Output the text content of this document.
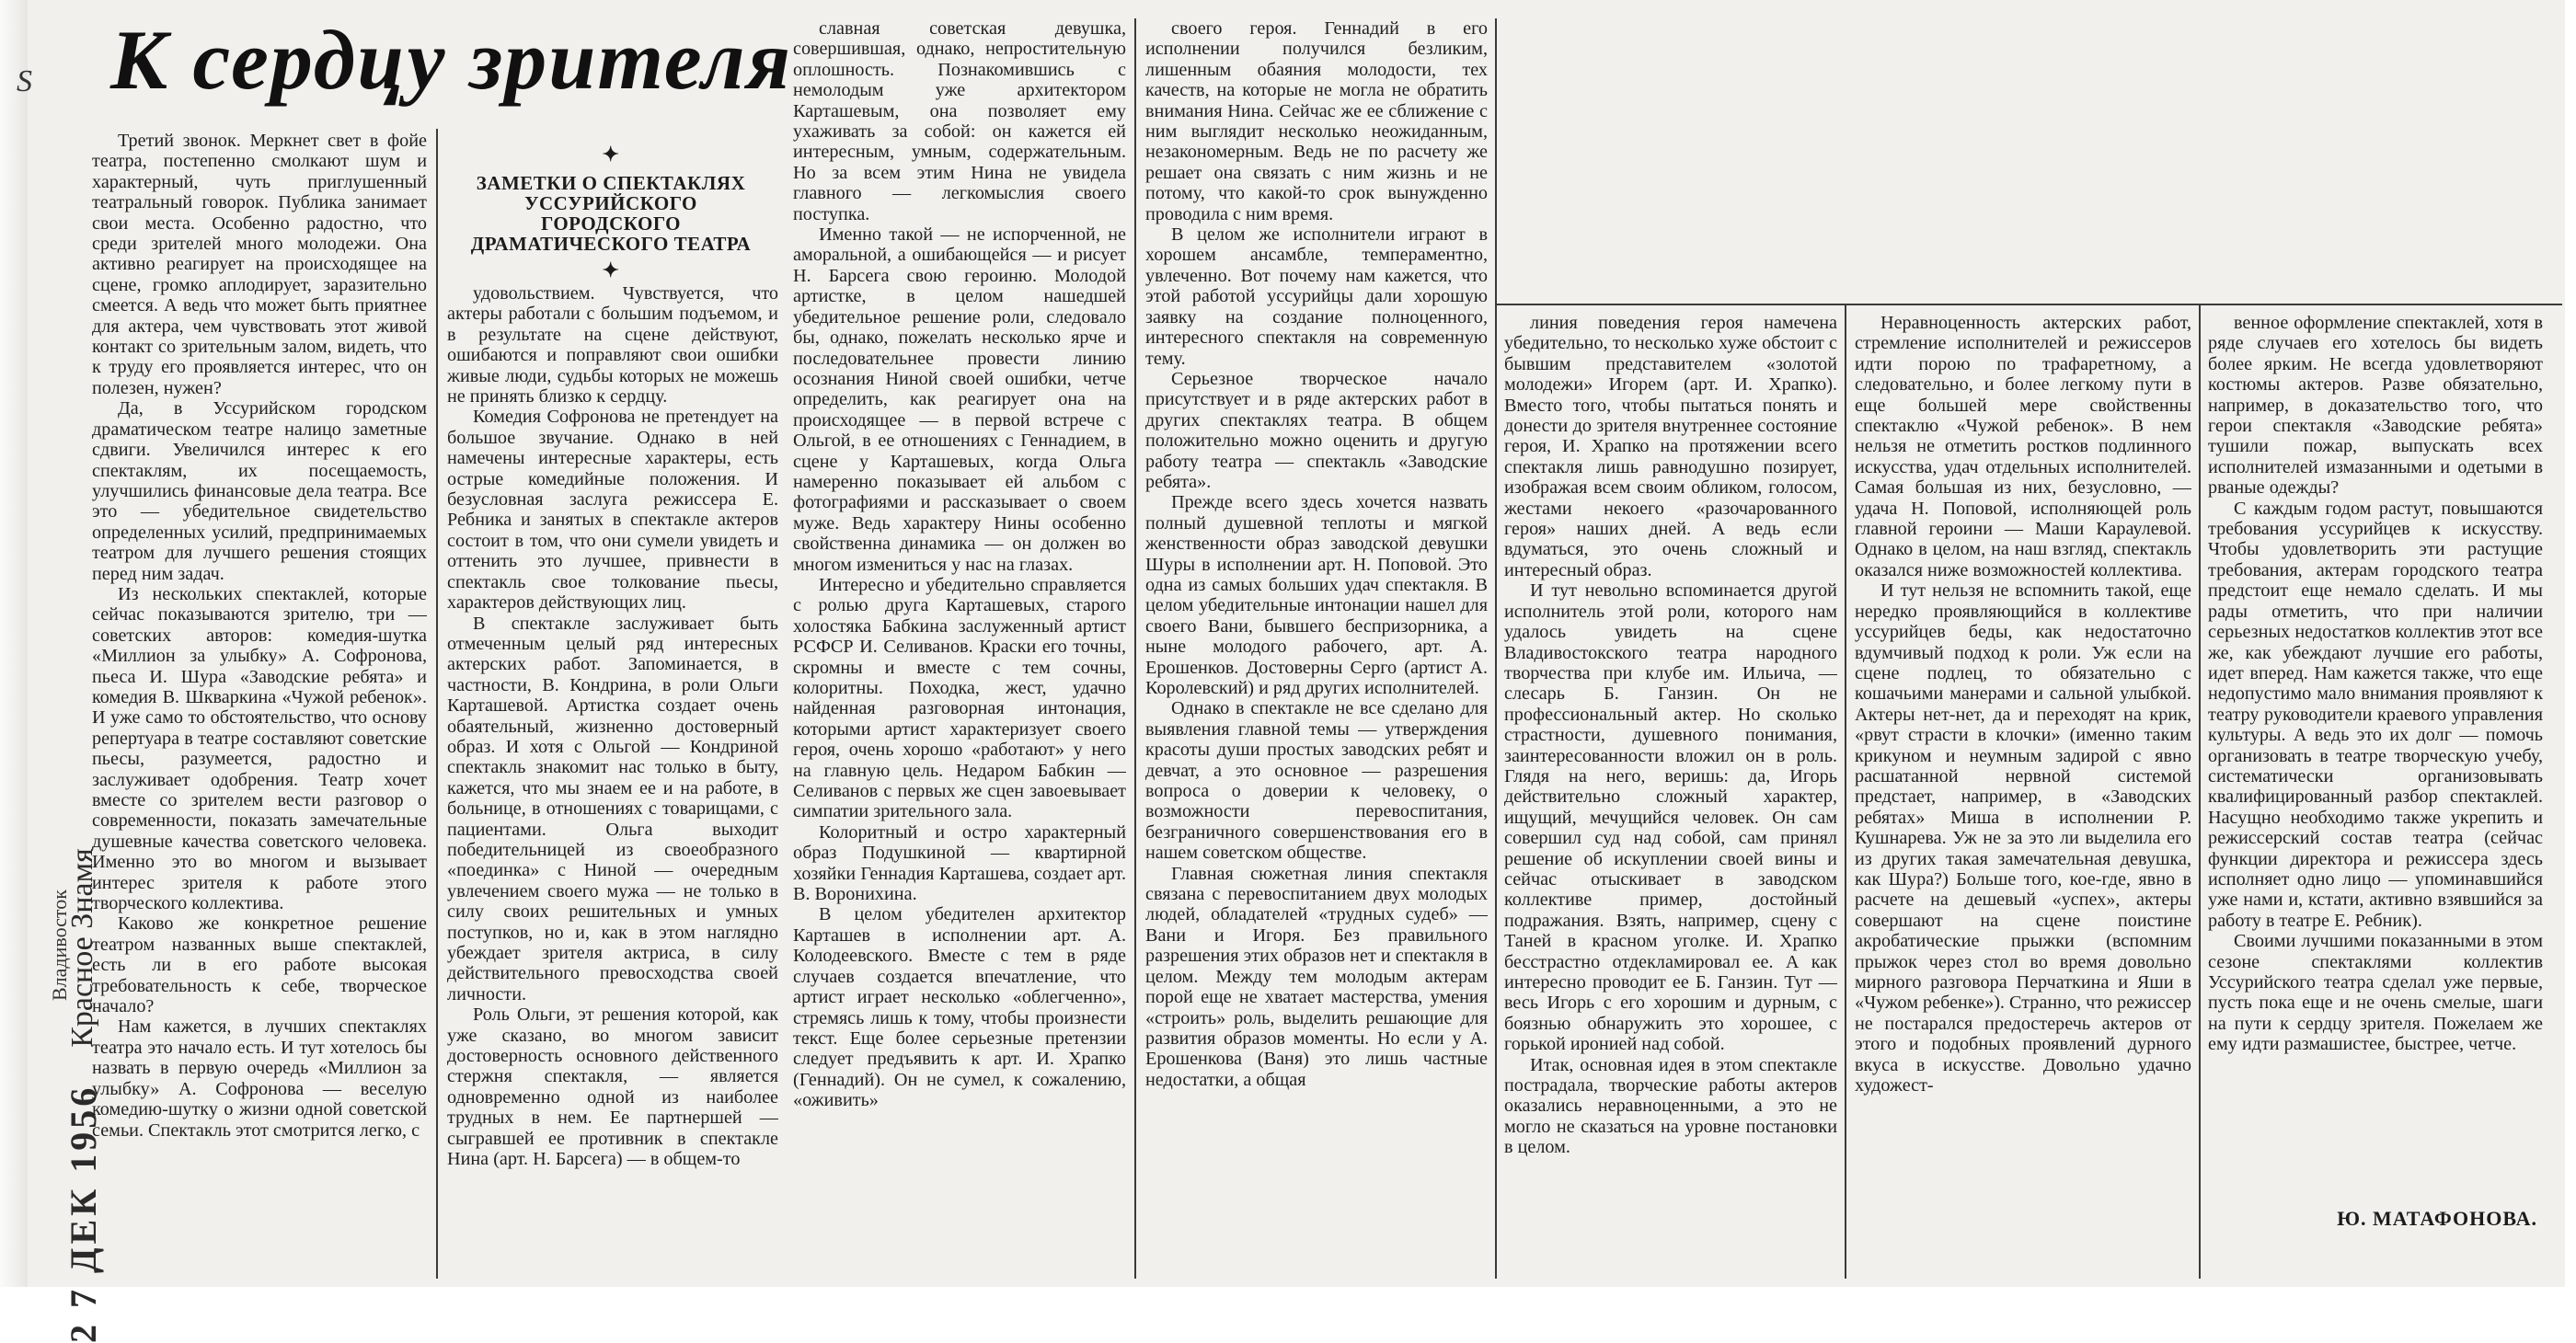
S К сердцу зрителя
2 7 ДЕК 1956
Красное Знамя
Владивосток
✦
ЗАМЕТКИ О СПЕКТАКЛЯХ УССУРИЙСКОГО ГОРОДСКОГО ДРАМАТИЧЕСКОГО ТЕАТРА
✦

Третий звонок. Меркнет свет в фойе театра, постепенно смолкают шум и характерный, чуть приглушенный театральный говорок. Публика занимает свои места. Особенно радостно, что среди зрителей много молодежи. Она активно реагирует на происходящее на сцене, громко аплодирует, заразительно смеется. А ведь что может быть приятнее для актера, чем чувствовать этот живой контакт со зрительным залом, видеть, что к труду его проявляется интерес, что он полезен, нужен?

Да, в Уссурийском городском драматическом театре налицо заметные сдвиги. Увеличился интерес к его спектаклям, их посещаемость, улучшились финансовые дела театра. Все это — убедительное свидетельство определенных усилий, предпринимаемых театром для лучшего решения стоящих перед ним задач.

Из нескольких спектаклей, которые сейчас показываются зрителю, три — советских авторов: комедия-шутка «Миллион за улыбку» А. Софронова, пьеса И. Шура «Заводские ребята» и комедия В. Шкваркина «Чужой ребенок». И уже само то обстоятельство, что основу репертуара в театре составляют советские пьесы, разумеется, радостно и заслуживает одобрения. Театр хочет вместе со зрителем вести разговор о современности, показать замечательные душевные качества советского человека. Именно это во многом и вызывает интерес зрителя к работе этого творческого коллектива.

Каково же конкретное решение театром названных выше спектаклей, есть ли в его работе высокая требовательность к себе, творческое начало?

Нам кажется, в лучших спектаклях театра это начало есть. И тут хотелось бы назвать в первую очередь «Миллион за улыбку» А. Софронова — веселую комедию-шутку о жизни одной советской семьи. Спектакль этот смотрится легко, с

удовольствием. Чувствуется, что актеры работали с большим подъемом, и в результате на сцене действуют, ошибаются и поправляют свои ошибки живые люди, судьбы которых не можешь не принять близко к сердцу.

Комедия Софронова не претендует на большое звучание. Однако в ней намечены интересные характеры, есть острые комедийные положения. И безусловная заслуга режиссера Е. Ребника и занятых в спектакле актеров состоит в том, что они сумели увидеть и оттенить это лучшее, привнести в спектакль свое толкование пьесы, характеров действующих лиц.

В спектакле заслуживает быть отмеченным целый ряд интересных актерских работ. Запоминается, в частности, В. Кондрина, в роли Ольги Карташевой. Артистка создает очень обаятельный, жизненно достоверный образ. И хотя с Ольгой — Кондриной спектакль знакомит нас только в быту, кажется, что мы знаем ее и на работе, в больнице, в отношениях с товарищами, с пациентами. Ольга выходит победительницей из своеобразного «поединка» с Ниной — очередным увлечением своего мужа — не только в силу своих решительных и умных поступков, но и, как в этом наглядно убеждает зрителя актриса, в силу действительного превосходства своей личности.

Роль Ольги, эт решения которой, как уже сказано, во многом зависит достоверность основного действенного стержня спектакля, — является одновременно одной из наиболее трудных в нем. Ее партнершей — сыгравшей ее противник в спектакле Нина (арт. Н. Барсега) — в общем-то

славная советская девушка, совершившая, однако, непростительную оплошность. Познакомившись с немолодым уже архитектором Карташевым, она позволяет ему ухаживать за собой: он кажется ей интересным, умным, содержательным. Но за всем этим Нина не увидела главного — легкомыслия своего поступка.

Именно такой — не испорченной, не аморальной, а ошибающейся — и рисует Н. Барсега свою героиню. Молодой артистке, в целом нашедшей убедительное решение роли, следовало бы, однако, пожелать несколько ярче и последовательнее провести линию осознания Ниной своей ошибки, четче определить, как реагирует она на происходящее — в первой встрече с Ольгой, в ее отношениях с Геннадием, в сцене у Карташевых, когда Ольга намеренно показывает ей альбом с фотографиями и рассказывает о своем муже. Ведь характеру Нины особенно свойственна динамика — он должен во многом измениться у нас на глазах.

Интересно и убедительно справляется с ролью друга Карташевых, старого холостяка Бабкина заслуженный артист РСФСР И. Селиванов. Краски его точны, скромны и вместе с тем сочны, колоритны. Походка, жест, удачно найденная разговорная интонация, которыми артист характеризует своего героя, очень хорошо «работают» у него на главную цель. Недаром Бабкин — Селиванов с первых же сцен завоевывает симпатии зрительного зала.

Колоритный и остро характерный образ Подушкиной — квартирной хозяйки Геннадия Карташева, создает арт. В. Воронихина.

В целом убедителен архитектор Карташев в исполнении арт. А. Колодеевского. Вместе с тем в ряде случаев создается впечатление, что артист играет несколько «облегченно», стремясь лишь к тому, чтобы произнести текст. Еще более серьезные претензии следует предъявить к арт. И. Храпко (Геннадий). Он не сумел, к сожалению, «оживить»

своего героя. Геннадий в его исполнении получился безликим, лишенным обаяния молодости, тех качеств, на которые не могла не обратить внимания Нина. Сейчас же ее сближение с ним выглядит несколько неожиданным, незакономерным. Ведь не по расчету же решает она связать с ним жизнь и не потому, что какой-то срок вынужденно проводила с ним время.

В целом же исполнители играют в хорошем ансамбле, темпераментно, увлеченно. Вот почему нам кажется, что этой работой уссурийцы дали хорошую заявку на создание полноценного, интересного спектакля на современную тему.

Серьезное творческое начало присутствует и в ряде актерских работ в других спектаклях театра. В общем положительно можно оценить и другую работу театра — спектакль «Заводские ребята».

Прежде всего здесь хочется назвать полный душевной теплоты и мягкой женственности образ заводской девушки Шуры в исполнении арт. Н. Поповой. Это одна из самых больших удач спектакля. В целом убедительные интонации нашел для своего Вани, бывшего беспризорника, а ныне молодого рабочего, арт. А. Ерошенков. Достоверны Серго (артист А. Королевский) и ряд других исполнителей.

Однако в спектакле не все сделано для выявления главной темы — утверждения красоты души простых заводских ребят и девчат, а это основное — разрешения вопроса о доверии к человеку, о возможности перевоспитания, безграничного совершенствования его в нашем советском обществе.

Главная сюжетная линия спектакля связана с перевоспитанием двух молодых людей, обладателей «трудных судеб» — Вани и Игоря. Без правильного разрешения этих образов нет и спектакля в целом. Между тем молодым актерам порой еще не хватает мастерства, умения «строить» роль, выделить решающие для развития образов моменты. Но если у А. Ерошенкова (Ваня) это лишь частные недостатки, а общая

линия поведения героя намечена убедительно, то несколько хуже обстоит с бывшим представителем «золотой молодежи» Игорем (арт. И. Храпко). Вместо того, чтобы пытаться понять и донести до зрителя внутреннее состояние героя, И. Храпко на протяжении всего спектакля лишь равнодушно позирует, изображая всем своим обликом, голосом, жестами некоего «разочарованного героя» наших дней. А ведь если вдуматься, это очень сложный и интересный образ.

И тут невольно вспоминается другой исполнитель этой роли, которого нам удалось увидеть на сцене Владивостокского театра народного творчества при клубе им. Ильича, — слесарь Б. Ганзин. Он не профессиональный актер. Но сколько страстности, душевного понимания, заинтересованности вложил он в роль. Глядя на него, веришь: да, Игорь действительно сложный характер, ищущий, мечущийся человек. Он сам совершил суд над собой, сам принял решение об искуплении своей вины и сейчас отыскивает в заводском коллективе пример, достойный подражания. Взять, например, сцену с Таней в красном уголке. И. Храпко бесстрастно отдекламировал ее. А как интересно проводит ее Б. Ганзин. Тут — весь Игорь с его хорошим и дурным, с боязнью обнаружить это хорошее, с горькой иронией над собой.

Итак, основная идея в этом спектакле пострадала, творческие работы актеров оказались неравноценными, а это не могло не сказаться на уровне постановки в целом.

Неравноценность актерских работ, стремление исполнителей и режиссеров идти порою по трафаретному, а следовательно, и более легкому пути в еще большей мере свойственны спектаклю «Чужой ребенок». В нем нельзя не отметить ростков подлинного искусства, удач отдельных исполнителей. Самая большая из них, безусловно, — удача Н. Поповой, исполняющей роль главной героини — Маши Караулевой. Однако в целом, на наш взгляд, спектакль оказался ниже возможностей коллектива.

И тут нельзя не вспомнить такой, еще нередко проявляющийся в коллективе уссурийцев беды, как недостаточно вдумчивый подход к роли. Уж если на сцене подлец, то обязательно с кошачьими манерами и сальной улыбкой. Актеры нет-нет, да и переходят на крик, «рвут страсти в клочки» (именно таким крикуном и неумным задирой с явно расшатанной нервной системой предстает, например, в «Заводских ребятах» Миша в исполнении Р. Кушнарева. Уж не за это ли выделила его из других такая замечательная девушка, как Шура?) Больше того, кое-где, явно в расчете на дешевый «успех», актеры совершают на сцене поистине акробатические прыжки (вспомним прыжок через стол во время довольно мирного разговора Перчаткина и Яши в «Чужом ребенке»). Странно, что режиссер не постарался предостеречь актеров от этого и подобных проявлений дурного вкуса в искусстве. Довольно удачно художест-

венное оформление спектаклей, хотя в ряде случаев его хотелось бы видеть более ярким. Не всегда удовлетворяют костюмы актеров. Разве обязательно, например, в доказательство того, что герои спектакля «Заводские ребята» тушили пожар, выпускать всех исполнителей измазанными и одетыми в рваные одежды?

С каждым годом растут, повышаются требования уссурийцев к искусству. Чтобы удовлетворить эти растущие требования, актерам городского театра предстоит еще немало сделать. И мы рады отметить, что при наличии серьезных недостатков коллектив этот все же, как убеждают лучшие его работы, идет вперед. Нам кажется также, что еще недопустимо мало внимания проявляют к театру руководители краевого управления культуры. А ведь это их долг — помочь организовать в театре творческую учебу, систематически организовывать квалифицированный разбор спектаклей. Насущно необходимо также укрепить и режиссерский состав театра (сейчас функции директора и режиссера здесь исполняет одно лицо — упоминавшийся уже нами и, кстати, активно взявшийся за работу в театре Е. Ребник).

Своими лучшими показанными в этом сезоне спектаклями коллектив Уссурийского театра сделал уже первые, пусть пока еще и не очень смелые, шаги на пути к сердцу зрителя. Пожелаем же ему идти размашистее, быстрее, четче.

Ю. МАТАФОНОВА.
